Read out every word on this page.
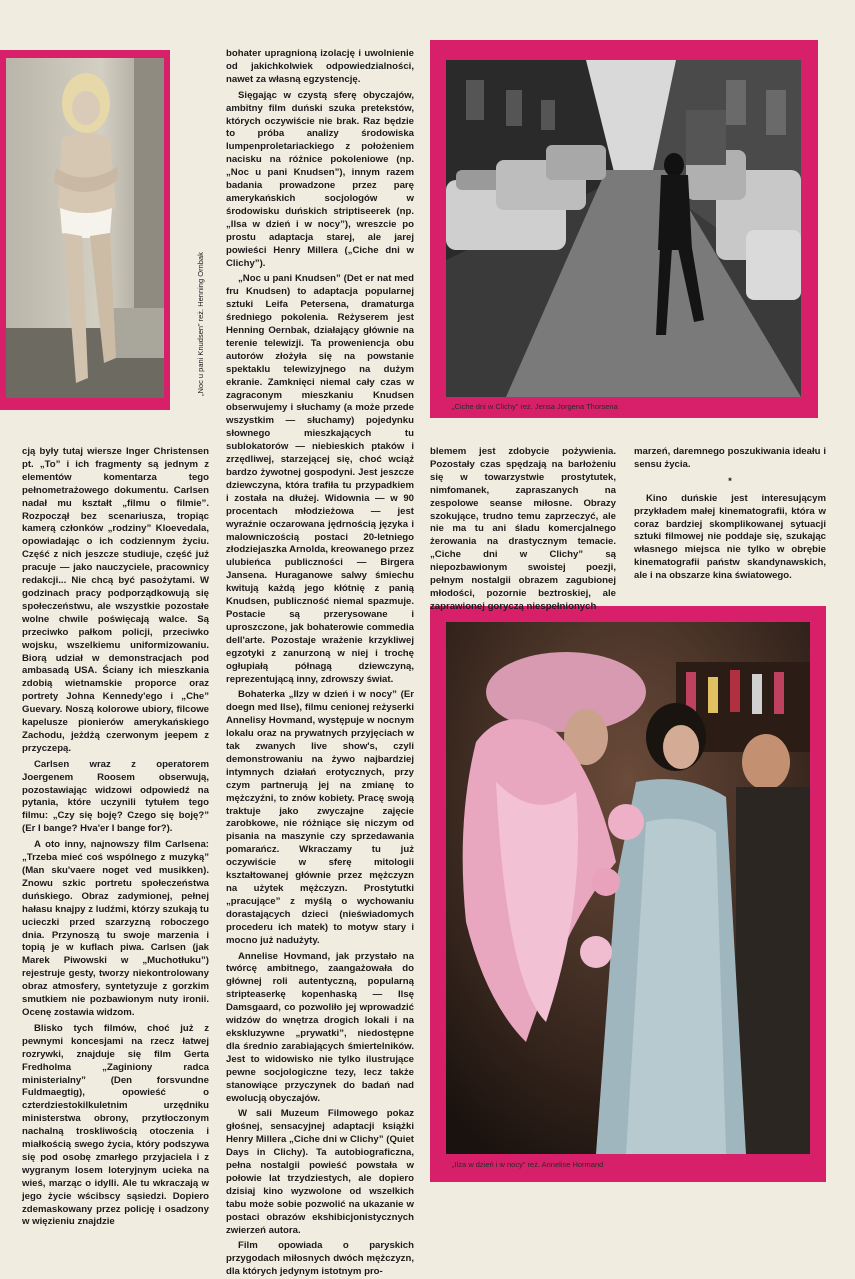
„Noc u pani Knudsen” reż. Henning Ornbak
„Ciche dni w Clichy” reż. Jensa Jorgena Thorsena
„Ilza w dzień i w nocy” reż. Annelise Hormand

cją były tutaj wiersze Inger Christensen pt. „To” i ich fragmenty są jednym z elementów komentarza tego pełnometrażowego dokumentu. Carlsen nadał mu kształt „filmu o filmie”. Rozpoczął bez scenariusza, tropiąc kamerą członków „rodziny” Kloevedala, opowiadając o ich codziennym życiu. Część z nich jeszcze studiuje, część już pracuje — jako nauczyciele, pracownicy redakcji... Nie chcą być pasożytami. W godzinach pracy podporządkowują się społeczeństwu, ale wszystkie pozostałe wolne chwile poświęcają walce. Są przeciwko pałkom policji, przeciwko wojsku, wszelkiemu uniformizowaniu. Biorą udział w demonstracjach pod ambasadą USA. Ściany ich mieszkania zdobią wietnamskie proporce oraz portrety Johna Kennedy'ego i „Che” Guevary. Noszą kolorowe ubiory, filcowe kapelusze pionierów amerykańskiego Zachodu, jeżdżą czerwonym jeepem z przyczepą.

Carlsen wraz z operatorem Joergenem Roosem obserwują, pozostawiając widzowi odpowiedź na pytania, które uczynili tytułem tego filmu: „Czy się boję? Czego się boję?” (Er I bange? Hva'er I bange for?).

A oto inny, najnowszy film Carlsena: „Trzeba mieć coś wspólnego z muzyką” (Man sku'vaere noget ved musikken). Znowu szkic portretu społeczeństwa duńskiego. Obraz zadymionej, pełnej hałasu knajpy z ludźmi, którzy szukają tu ucieczki przed szarzyzną roboczego dnia. Przynoszą tu swoje marzenia i topią je w kuflach piwa. Carlsen (jak Marek Piwowski w „Muchotłuku”) rejestruje gesty, tworzy niekontrolowany obraz atmosfery, syntetyzuje z gorzkim smutkiem nie pozbawionym nuty ironii. Ocenę zostawia widzom.

Blisko tych filmów, choć już z pewnymi koncesjami na rzecz łatwej rozrywki, znajduje się film Gerta Fredholma „Zaginiony radca ministerialny” (Den forsvundne Fuldmaegtig), opowieść o czterdziestokilkuletnim urzędniku ministerstwa obrony, przytłoczonym nachalną troskliwością otoczenia i miałkością swego życia, który podszywa się pod osobę zmarłego przyjaciela i z wygranym losem loteryjnym ucieka na wieś, marząc o idylli. Ale tu wkraczają w jego życie wścibscy sąsiedzi. Dopiero zdemaskowany przez policję i osadzony w więzieniu znajdzie

bohater upragnioną izolację i uwolnienie od jakichkolwiek odpowiedzialności, nawet za własną egzystencję.

Sięgając w czystą sferę obyczajów, ambitny film duński szuka pretekstów, których oczywiście nie brak. Raz będzie to próba analizy środowiska lumpenproletariackiego z położeniem nacisku na różnice pokoleniowe (np. „Noc u pani Knudsen”), innym razem badania prowadzone przez parę amerykańskich socjologów w środowisku duńskich striptiseerek (np. „Ilsa w dzień i w nocy”), wreszcie po prostu adaptacja starej, ale jarej powieści Henry Millera („Ciche dni w Clichy”).

„Noc u pani Knudsen” (Det er nat med fru Knudsen) to adaptacja popularnej sztuki Leifa Petersena, dramaturga średniego pokolenia. Reżyserem jest Henning Oernbak, działający głównie na terenie telewizji. Ta proweniencja obu autorów złożyła się na powstanie spektaklu telewizyjnego na dużym ekranie. Zamknięci niemal cały czas w zagraconym mieszkaniu Knudsen obserwujemy i słuchamy (a może przede wszystkim — słuchamy) pojedynku słownego mieszkających tu sublokatorów — niebieskich ptaków i zrzędliwej, starzejącej się, choć wciąż bardzo żywotnej gospodyni. Jest jeszcze dziewczyna, która trafiła tu przypadkiem i została na dłużej. Widownia — w 90 procentach młodzieżowa — jest wyraźnie oczarowana jędrnością języka i malowniczością postaci 20-letniego złodziejaszka Arnolda, kreowanego przez ulubieńca publiczności — Birgera Jansena. Huraganowe salwy śmiechu kwitują każdą jego kłótnię z panią Knudsen, publiczność niemal spazmuje. Postacie są przerysowane i uproszczone, jak bohaterowie commedia dell'arte. Pozostaje wrażenie krzykliwej egzotyki z zanurzoną w niej i trochę ogłupiałą półnagą dziewczyną, reprezentującą inny, zdrowszy świat.

Bohaterka „Ilzy w dzień i w nocy” (Er doegn med Ilse), filmu cenionej reżyserki Annelisy Hovmand, występuje w nocnym lokalu oraz na prywatnych przyjęciach w tak zwanych live show's, czyli demonstrowaniu na żywo najbardziej intymnych działań erotycznych, przy czym partnerują jej na zmianę to mężczyźni, to znów kobiety. Pracę swoją traktuje jako zwyczajne zajęcie zarobkowe, nie różniące się niczym od pisania na maszynie czy sprzedawania pomarańcz. Wkraczamy tu już oczywiście w sferę mitologii kształtowanej głównie przez mężczyzn na użytek mężczyzn. Prostytutki „pracujące” z myślą o wychowaniu dorastających dzieci (nieświadomych procederu ich matek) to motyw stary i mocno już nadużyty.

Annelise Hovmand, jak przystało na twórcę ambitnego, zaangażowała do głównej roli autentyczną, popularną stripteaserkę kopenhaską — Ilsę Damsgaard, co pozwoliło jej wprowadzić widzów do wnętrza drogich lokali i na ekskluzywne „prywatki”, niedostępne dla średnio zarabiających śmiertelników. Jest to widowisko nie tylko ilustrujące pewne socjologiczne tezy, lecz także stanowiące przyczynek do badań nad ewolucją obyczajów.

W sali Muzeum Filmowego pokaz głośnej, sensacyjnej adaptacji książki Henry Millera „Ciche dni w Clichy” (Quiet Days in Clichy). Ta autobiograficzna, pełna nostalgii powieść powstała w połowie lat trzydziestych, ale dopiero dzisiaj kino wyzwolone od wszelkich tabu może sobie pozwolić na ukazanie w postaci obrazów ekshibicjonistycznych zwierzeń autora.

Film opowiada o paryskich przygodach miłosnych dwóch mężczyzn, dla których jedynym istotnym pro-

blemem jest zdobycie pożywienia. Pozostały czas spędzają na barłożeniu się w towarzystwie prostytutek, nimfomanek, zapraszanych na zespolowe seanse miłosne. Obrazy szokujące, trudno temu zaprzeczyć, ale nie ma tu ani śladu komercjalnego żerowania na drastycznym temacie. „Ciche dni w Clichy” są niepozbawionym swoistej poezji, pełnym nostalgii obrazem zagubionej młodości, pozornie beztroskiej, ale zaprawionej goryczą niespełnionych

marzeń, daremnego poszukiwania ideału i sensu życia.

*

Kino duńskie jest interesującym przykładem małej kinematografii, która w coraz bardziej skomplikowanej sytuacji sztuki filmowej nie poddaje się, szukając własnego miejsca nie tylko w obrębie kinematografii państw skandynawskich, ale i na obszarze kina światowego.
